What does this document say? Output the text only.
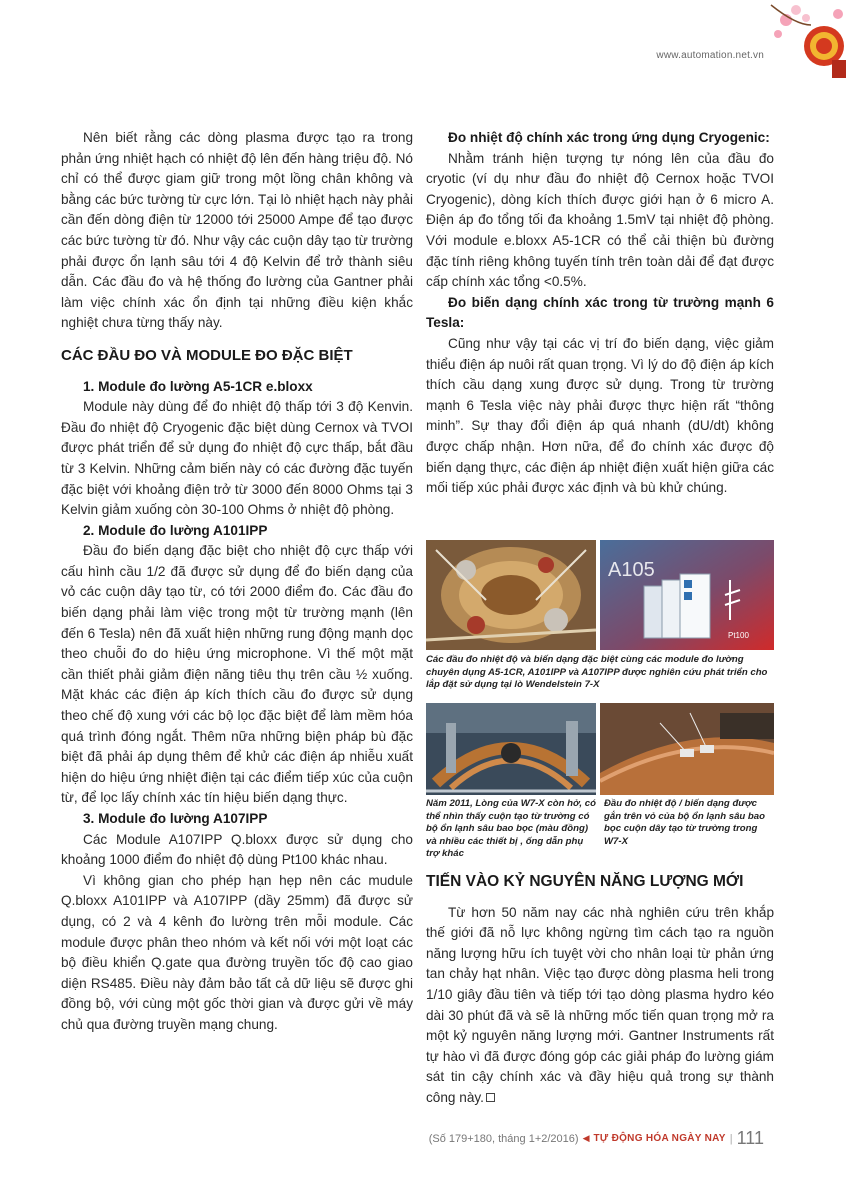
www.automation.net.vn

Nên biết rằng các dòng plasma được tạo ra trong phản ứng nhiệt hạch có nhiệt độ lên đến hàng triệu độ. Nó chỉ có thể được giam giữ trong một lồng chân không và bằng các bức tường từ cực lớn. Tại lò nhiệt hạch này phải cần đến dòng điện từ 12000 tới 25000 Ampe để tạo được các bức tường từ đó. Như vậy các cuộn dây tạo từ trường phải được ổn lạnh sâu tới 4 độ Kelvin để trở thành siêu dẫn. Các đầu đo và hệ thống đo lường của Gantner phải làm việc chính xác ổn định tại những điều kiện khắc nghiệt chưa từng thấy này.

CÁC ĐẦU ĐO VÀ MODULE ĐO ĐẶC BIỆT
1. Module đo lường A5-1CR e.bloxx

Module này dùng để đo nhiệt độ thấp tới 3 độ Kenvin. Đầu đo nhiệt độ Cryogenic đặc biệt dùng Cernox và TVOI được phát triển để sử dụng đo nhiệt độ cực thấp, bắt đầu từ 3 Kelvin. Những cảm biến này có các đường đặc tuyến đặc biệt với khoảng điện trở từ 3000 đến 8000 Ohms tại 3 Kelvin giảm xuống còn 30-100 Ohms ở nhiệt độ phòng.

2. Module đo lường A101IPP

Đầu đo biến dạng đặc biệt cho nhiệt độ cực thấp với cấu hình cầu 1/2 đã được sử dụng để đo biến dạng của vỏ các cuộn dây tạo từ, có tới 2000 điểm đo. Các đầu đo biến dạng phải làm việc trong một từ trường mạnh (lên đến 6 Tesla) nên đã xuất hiện những rung động mạnh dọc theo chuỗi đo do hiệu ứng microphone. Vì thế một mặt cần thiết phải giảm điện năng tiêu thụ trên cầu ½ xuống. Mặt khác các điện áp kích thích cầu đo được sử dụng theo chế độ xung với các bộ lọc đặc biệt để làm mềm hóa quá trình đóng ngắt. Thêm nữa những biện pháp bù đặc biệt đã phải áp dụng thêm để khử các điện áp nhiễu xuất hiện do hiệu ứng nhiệt điện tại các điểm tiếp xúc của cuộn từ, để lọc lấy chính xác tín hiệu biến dạng thực.

3. Module đo lường A107IPP

Các Module A107IPP Q.bloxx được sử dụng cho khoảng 1000 điểm đo nhiệt độ dùng Pt100 khác nhau.

Vì không gian cho phép hạn hẹp nên các mudule Q.bloxx A101IPP và A107IPP (dầy 25mm) đã được sử dụng, có 2 và 4 kênh đo lường trên mỗi module. Các module được phân theo nhóm và kết nối với một loạt các bộ điều khiển Q.gate qua đường truyền tốc độ cao giao diện RS485. Điều này đảm bảo tất cả dữ liệu sẽ được ghi đồng bộ, với cùng một gốc thời gian và được gửi về máy chủ qua đường truyền mạng chung.

Đo nhiệt độ chính xác trong ứng dụng Cryogenic:

Nhằm tránh hiện tượng tự nóng lên của đầu đo cryotic (ví dụ như đầu đo nhiệt độ Cernox hoặc TVOI Cryogenic), dòng kích thích được giới hạn ở 6 micro A. Điện áp đo tổng tối đa khoảng 1.5mV tại nhiệt độ phòng. Với module e.bloxx A5-1CR có thể cải thiện bù đường đặc tính riêng không tuyến tính trên toàn dải để đạt được cấp chính xác tổng <0.5%.

Đo biến dạng chính xác trong từ trường mạnh 6 Tesla:

Cũng như vậy tại các vị trí đo biến dạng, việc giảm thiểu điện áp nuôi rất quan trọng. Vì lý do độ điện áp kích thích cầu dạng xung được sử dụng. Trong từ trường mạnh 6 Tesla việc này phải được thực hiện rất “thông minh”. Sự thay đổi điện áp quá nhanh (dU/dt) không được chấp nhận. Hơn nữa, để đo chính xác được độ biến dạng thực, các điện áp nhiệt điện xuất hiện giữa các mối tiếp xúc phải được xác định và bù khử chúng.

A105
Pt100
Các đầu đo nhiệt độ và biến dạng đặc biệt cùng các module đo lường chuyên dụng A5-1CR, A101IPP và A107IPP được nghiên cứu phát triển cho lắp đặt sử dụng tại lò Wendelstein 7-X
Năm 2011, Lòng của W7-X còn hở, có thể nhìn thấy cuộn tạo từ trường có bộ ổn lạnh sâu bao bọc (màu đồng) và nhiều các thiết bị , ống dẫn phụ trợ khác
Đầu đo nhiệt độ / biến dạng được gắn trên vỏ của bộ ổn lạnh sâu bao bọc cuộn dây tạo từ trường trong W7-X
TIẾN VÀO KỶ NGUYÊN NĂNG LƯỢNG MỚI

Từ hơn 50 năm nay các nhà nghiên cứu trên khắp thế giới đã nỗ lực không ngừng tìm cách tạo ra nguồn năng lượng hữu ích tuyệt vời cho nhân loại từ phản ứng tan chảy hạt nhân. Việc tạo được dòng plasma heli trong 1/10 giây đầu tiên và tiếp tới tạo dòng plasma hydro kéo dài 30 phút đã và sẽ là những mốc tiến quan trọng mở ra một kỷ nguyên năng lượng mới. Gantner Instruments rất tự hào vì đã được đóng góp các giải pháp đo lường giám sát tin cậy chính xác và đầy hiệu quả trong sự thành công này.

(Số 179+180, tháng 1+2/2016) ◀ TỰ ĐỘNG HÓA NGÀY NAY | 111
